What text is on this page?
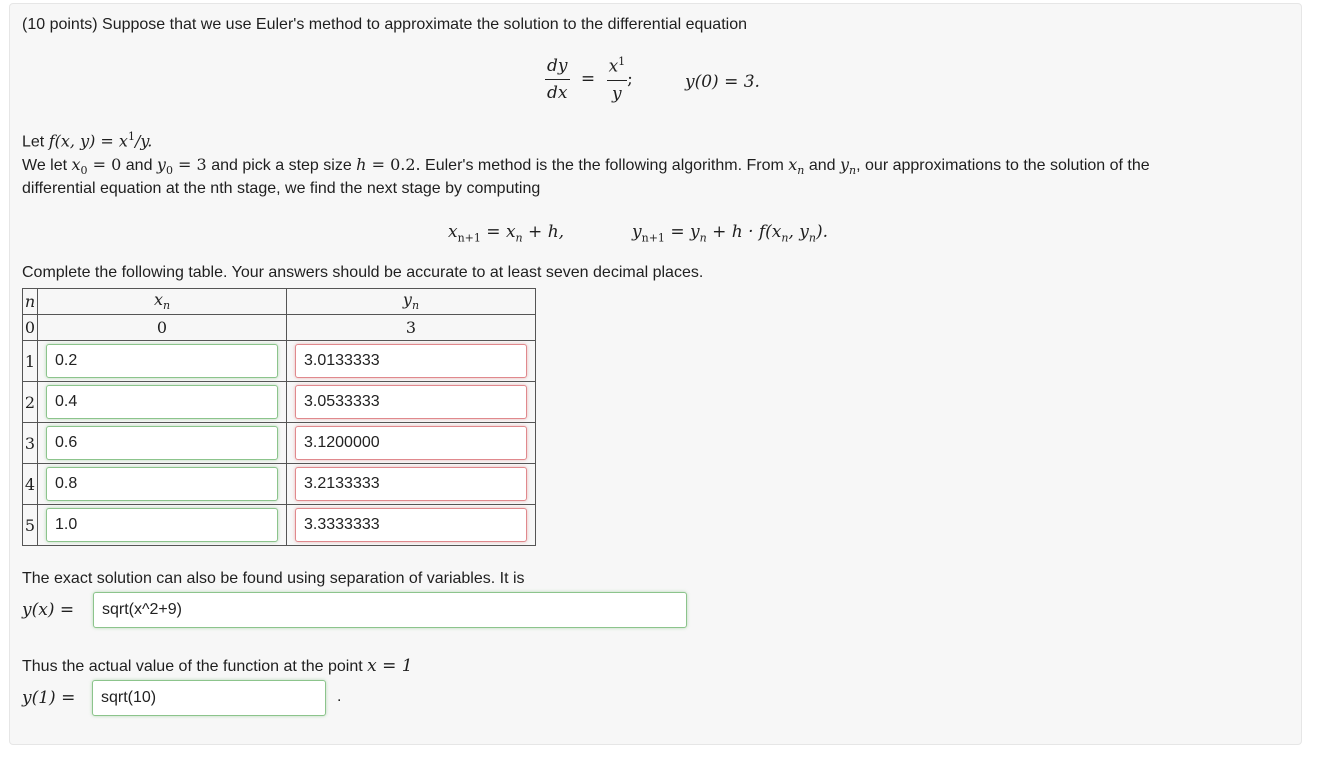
(10 points) Suppose that we use Euler's method to approximate the solution to the differential equation
$\frac{dy}{dx} = \frac{x^1}{y}$ ;	y(0) = 3.
Let f(x, $y) = x^1/y$.
We let $x_0 = 0$ and $y_0 = 3$ and pick a step size h = 0.2. Euler's method is the the following algorithm. From $x_n$ and $y_n$, our approximations to the solution of the
differential equation at the nth stage, we find the next stage by computing
$x_{n+1} = x_n + h$,	$y_{n+1} = y_n + h \cdot f(x_n$, $y_n$).
Complete the following table. Your answers should be accurate to at least seven decimal places.
n	$x_n$	$y_n$
0	0	3
1	0.2	3.0133333

2	0.4	3.0533333

3	0.6	3.1200000

4	0.8	3.2133333

5	1.0	3.3333333
The exact solution can also be found using separation of variables. It is
y(x) =	sqrt(x^2+9)
Thus the actual value of the function at the point x = 1
y(1) =	sqrt(10)	.
